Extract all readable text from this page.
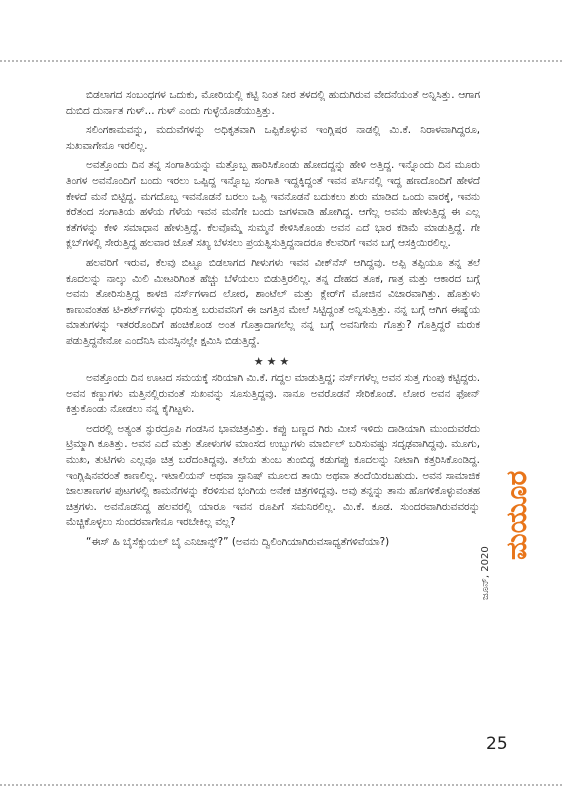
ಬಿಡಲಾಗದ ಸಂಬಂಧಗಳ ಒದುಕು, ಮೋರಿಯಲ್ಲಿ ಕಟ್ಟಿ ನಿಂತ ನೀರ ತಳದಲ್ಲಿ ಹುದುಗಿರುವ ವೇದನೆಯಂತೆ ಅನ್ನಿಸಿತ್ತು. ಆಗಾಗ ದುಬಿದ ದುರ್ನಾತ ಗುಳ್... ಗುಳ್ ಎಂದು ಗುಳ್ಳೆಯೊಡೆಯುತ್ತಿತ್ತು.

ಸಲಿಂಗಕಾಮವನ್ನು, ಮದುವೆಗಳನ್ನು ಅಧಿಕೃತವಾಗಿ ಒಪ್ಪಿಕೊಳ್ಳುವ ಇಂಗ್ಲಿಷರ ನಾಡಲ್ಲಿ ಮಿ.ಕೆ. ನಿರಾಳವಾಗಿದ್ದರೂ, ಸುಖವಾಗೇನೂ ಇರಲಿಲ್ಲ.

ಅವತ್ತೊಂದು ದಿನ ತನ್ನ ಸಂಗಾತಿಯನ್ನು ಮತ್ತೊಬ್ಬ ಹಾರಿಸಿಕೊಂಡು ಹೋದದ್ದನ್ನು ಹೇಳಿ ಅತ್ತಿದ್ದ. ಇನ್ನೊಂದು ದಿನ ಮೂರು ತಿಂಗಳ ಅವನೊಂದಿಗೆ ಬಂದು ಇರಲು ಒಪ್ಪಿದ್ದ ಇನ್ನೊಬ್ಬ ಸಂಗಾತಿ ಇದ್ದಕ್ಕಿದ್ದಂತೆ ಇವನ ಪರ್ಸಿನಲ್ಲಿ ಇದ್ದ ಹಣದೊಂದಿಗೆ ಹೇಳದೆ ಕೇಳದೆ ಮನೆ ಬಿಟ್ಟಿದ್ದ. ಮಗದೊಬ್ಬ ಇವನೊಡನೆ ಬರಲು ಒಪ್ಪಿ ಇವನೊಡನೆ ಬದುಕಲು ಶುರು ಮಾಡಿದ ಒಂದು ವಾರಕ್ಕೆ, ಇವನು ಕರೆತಂದ ಸಂಗಾತಿಯ ಹಳೆಯ ಗೆಳೆಯ ಇವನ ಮನೆಗೇ ಬಂದು ಜಗಳವಾಡಿ ಹೋಗಿದ್ದ. ಆಗೆಲ್ಲ ಅವನು ಹೇಳುತ್ತಿದ್ದ ಈ ಎಲ್ಲ ಕತೆಗಳನ್ನು ಕೇಳಿ ಸಮಾಧಾನ ಹೇಳುತ್ತಿದ್ದೆ. ಕೆಲವೊಮ್ಮೆ ಸುಮ್ಮನೆ ಕೇಳಿಸಿಕೊಂಡು ಅವನ ಎದೆ ಭಾರ ಕಡಿಮೆ ಮಾಡುತ್ತಿದ್ದೆ. ಗೇ ಕ್ಲಬ್‌ಗಳಲ್ಲಿ ಸೇರುತ್ತಿದ್ದ ಹಲವಾರ ಜೊತೆ ಸಖ್ಯ ಬೆಳಸಲು ಪ್ರಯತ್ನಿಸುತ್ತಿದ್ದನಾದರೂ ಕೆಲವರಿಗೆ ಇವನ ಬಗ್ಗೆ ಆಸಕ್ತಿಯಿರಲಿಲ್ಲ.

ಹಲವರಿಗೆ ಇರುವ, ಕೆಲವು ಬಿಟ್ಟೂ ಬಿಡಲಾಗದ ಗೀಳುಗಳು ಇವನ ವೀಕ್‌ನೆಸ್ ಆಗಿದ್ದವು. ಅಪ್ಪಿ ತಪ್ಪಿಯೂ ತನ್ನ ತಲೆ ಕೂದಲನ್ನು ನಾಲ್ಕು ಮಿಲಿ ಮೀಟರಿಗಿಂತ ಹೆಚ್ಚು ಬೆಳೆಯಲು ಬಿಡುತ್ತಿರಲಿಲ್ಲ. ತನ್ನ ದೇಹದ ತೂಕ, ಗಾತ್ರ ಮತ್ತು ಆಕಾರದ ಬಗ್ಗೆ ಅವನು ತೋರಿಸುತ್ತಿದ್ದ ಕಾಳಜಿ ನರ್ಸ್‌ಗಳಾದ ಲೋರ, ಶಾಂಟೆಲ್ ಮತ್ತು ಕ್ಲೇರ್‌ಗೆ ಮೋಜಿನ ವಿಚಾರವಾಗಿತ್ತು. ಹೊತ್ತುಳು ಕಾಣುವಂತಹ ಟಿ-ಶರ್ಟ್‌ಗಳನ್ನು ಧರಿಸುತ್ತ ಬರುವವನಿಗೆ ಈ ಜಗತ್ತಿನ ಮೇಲೆ ಸಿಟ್ಟಿದ್ದಂತೆ ಅನ್ನಿಸುತ್ತಿತ್ತು. ನನ್ನ ಬಗ್ಗೆ ಆಗಿಗ ಈಷ್ಯೆಯ ಮಾತುಗಳನ್ನು ಇತರರೊಂದಿಗೆ ಹಂಚಿಕೊಂಡ ಅಂತ ಗೊತ್ತಾದಾಗಲೆಲ್ಲ ನನ್ನ ಬಗ್ಗೆ ಅವನಿಗೇನು ಗೊತ್ತು? ಗೊತ್ತಿದ್ದರೆ ಮರುಕ ಪಡುತ್ತಿದ್ದನೇನೋ ಎಂದೆನಿಸಿ ಮನಸ್ಸಿನಲ್ಲೇ ಕ್ಷಮಿಸಿ ಬಿಡುತ್ತಿದ್ದೆ.

★★★

ಅವತ್ತೊಂದು ದಿನ ಊಟದ ಸಮಯಕ್ಕೆ ಸರಿಯಾಗಿ ಮಿ.ಕೆ. ಗದ್ದಲ ಮಾಡುತ್ತಿದ್ದ; ನರ್ಸ್‌ಗಳೆಲ್ಲ ಅವನ ಸುತ್ತ ಗುಂಪು ಕಟ್ಟಿದ್ದರು. ಅವನ ಕಣ್ಣುಗಳು ಮತ್ತಿನಲ್ಲಿರುವಂತೆ ಸುಖವನ್ನು ಸೂಸುತ್ತಿದ್ದವು. ನಾನೂ ಅವರೊಡನೆ ಸೇರಿಕೊಂಡೆ. ಲೋರ ಅವನ ಫೋನ್ ಕಿತ್ತುಕೊಂಡು ನೋಡಲು ನನ್ನ ಕೈಗಿಟ್ಟಳು.

ಅದರಲ್ಲಿ ಅತ್ಯಂತ ಸ್ಫುರದ್ರೂಪಿ ಗಂಡಸಿನ ಭಾವಚಿತ್ರವಿತ್ತು. ಕಪ್ಪು ಬಣ್ಣದ ಗಿರು ಮೀಸೆ ಇಳಿದು ದಾಡಿಯಾಗಿ ಮುಂದುವರೆದು ಟ್ರಿಮ್ಮಾಗಿ ಕೂತಿತ್ತು. ಅವನ ಎದೆ ಮತ್ತು ತೋಳುಗಳ ಮಾಂಸದ ಉಬ್ಬುಗಳು ಮಾರ್ಬಿಲ್ ಬರಿಸುವಷ್ಟು ಸದೃಢವಾಗಿದ್ದವು. ಮೂಗು, ಮುಖ, ತುಟಿಗಳು ಎಲ್ಲವೂ ಚಿತ್ರ ಬರೆದಂತಿದ್ದವು. ತಲೆಯ ತುಂಬ ತುಂಬಿದ್ದ ಕಡುಗಪ್ಪು ಕೂದಲನ್ನು ನೀಟಾಗಿ ಕತ್ತರಿಸಿಕೊಂಡಿದ್ದ. ಇಂಗ್ಲಿಷಿನವರಂತೆ ಕಾಣಲಿಲ್ಲ. ಇಟಾಲಿಯನ್ ಅಥವಾ ಸ್ಪಾನಿಷ್ ಮೂಲದ ತಾಯಿ ಅಥವಾ ತಂದೆಯಿರಬಹುದು. ಅವನ ಸಾಮಾಜಿಕ ಜಾಲತಾಣಗಳ ಪುಟಗಳಲ್ಲಿ ಕಾಮನೆಗಳನ್ನು ಕೆರಳಿಸುವ ಭಂಗಿಯ ಅನೇಕ ಚಿತ್ರಗಳಿದ್ದವು. ಅವು ತನ್ನನ್ನು ತಾನು ಹೊಗಳಿಕೊಳ್ಳುವಂತಹ ಚಿತ್ರಗಳು. ಅವನೊಡನಿದ್ದ ಹಲವರಲ್ಲಿ ಯಾರೂ ಇವನ ರೂಪಿಗೆ ಸಮನಿರಲಿಲ್ಲ. ಮಿ.ಕೆ. ಕೂಡ. ಸುಂದರವಾಗಿರುವವರನ್ನು ಮೆಚ್ಚಿಕೊಳ್ಳಲು ಸುಂದರವಾಗೇನೂ ಇರಬೇಕಿಲ್ಲ ವಲ್ಲ?

“ಈಸ್ ಹಿ ಬೈಸೆಕ್ಸುಯಲ್ ಬೈ ಎನಿಚಾನ್ಸ್?” (ಅವನು ದ್ವಿಲಿಂಗಿಯಾಗಿರುವಸಾಧ್ಯತೆಗಳಿವೆಯಾ?)	ಮಯೂರ
ಜೂನ್, 2020
25
